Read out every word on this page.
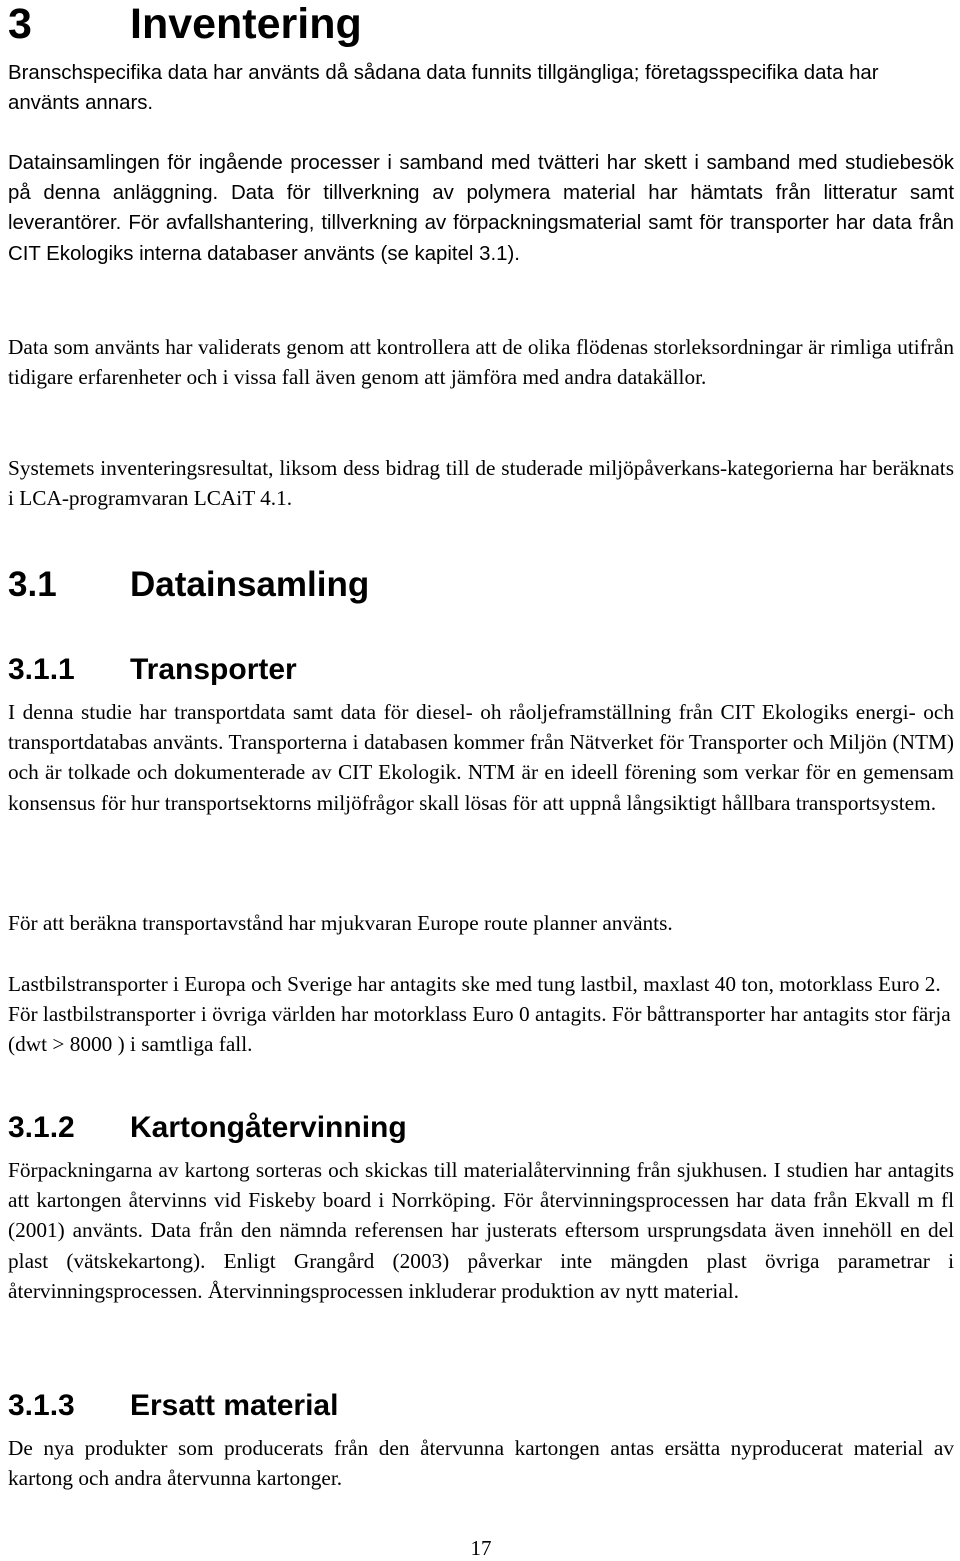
3 Inventering

Branschspecifika data har använts då sådana data funnits tillgängliga; företagsspecifika data har använts annars.

Datainsamlingen för ingående processer i samband med tvätteri har skett i samband med studiebesök på denna anläggning. Data för tillverkning av polymera material har hämtats från litteratur samt leverantörer. För avfallshantering, tillverkning av förpackningsmaterial samt för transporter har data från CIT Ekologiks interna databaser använts (se kapitel 3.1).

Data som använts har validerats genom att kontrollera att de olika flödenas storleksordningar är rimliga utifrån tidigare erfarenheter och i vissa fall även genom att jämföra med andra datakällor.

Systemets inventeringsresultat, liksom dess bidrag till de studerade miljöpåverkans-kategorierna har beräknats i LCA-programvaran LCAiT 4.1.

3.1 Datainsamling
3.1.1 Transporter

I denna studie har transportdata samt data för diesel- oh råoljeframställning från CIT Ekologiks energi- och transportdatabas använts. Transporterna i databasen kommer från Nätverket för Transporter och Miljön (NTM) och är tolkade och dokumenterade av CIT Ekologik. NTM är en ideell förening som verkar för en gemensam konsensus för hur transportsektorns miljöfrågor skall lösas för att uppnå långsiktigt hållbara transportsystem.

För att beräkna transportavstånd har mjukvaran Europe route planner använts.

Lastbilstransporter i Europa och Sverige har antagits ske med tung lastbil, maxlast 40 ton, motorklass Euro 2. För lastbilstransporter i övriga världen har motorklass Euro 0 antagits. För båttransporter har antagits stor färja (dwt > 8000 ) i samtliga fall.

3.1.2 Kartongåtervinning

Förpackningarna av kartong sorteras och skickas till materialåtervinning från sjukhusen. I studien har antagits att kartongen återvinns vid Fiskeby board i Norrköping. För återvinningsprocessen har data från Ekvall m fl (2001) använts. Data från den nämnda referensen har justerats eftersom ursprungsdata även innehöll en del plast (vätskekartong). Enligt Grangård (2003) påverkar inte mängden plast övriga parametrar i återvinningsprocessen. Återvinningsprocessen inkluderar produktion av nytt material.

3.1.3 Ersatt material

De nya produkter som producerats från den återvunna kartongen antas ersätta nyproducerat material av kartong och andra återvunna kartonger.

17
